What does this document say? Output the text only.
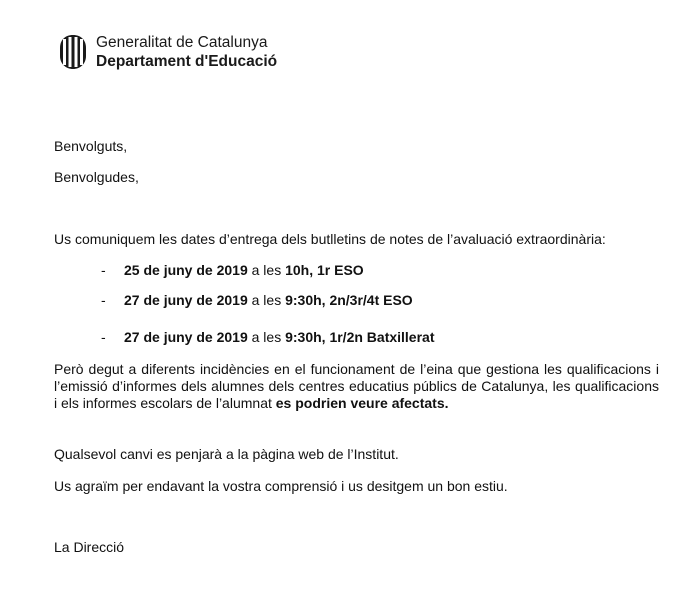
Generalitat de Catalunya
Departament d'Educació
Benvolguts,
Benvolgudes,
Us comuniquem les dates d’entrega dels butlletins de notes de l’avaluació extraordinària:
- 25 de juny de 2019 a les 10h, 1r ESO
- 27 de juny de 2019 a les 9:30h, 2n/3r/4t ESO
- 27 de juny de 2019 a les 9:30h, 1r/2n Batxillerat
Però degut a diferents incidències en el funcionament de l’eina que gestiona les qualificacions i l’emissió d’informes dels alumnes dels centres educatius públics de Catalunya, les qualificacions i els informes escolars de l’alumnat es podrien veure afectats.
Qualsevol canvi es penjarà a la pàgina web de l’Institut.
Us agraïm per endavant la vostra comprensió i us desitgem un bon estiu.
La Direcció
